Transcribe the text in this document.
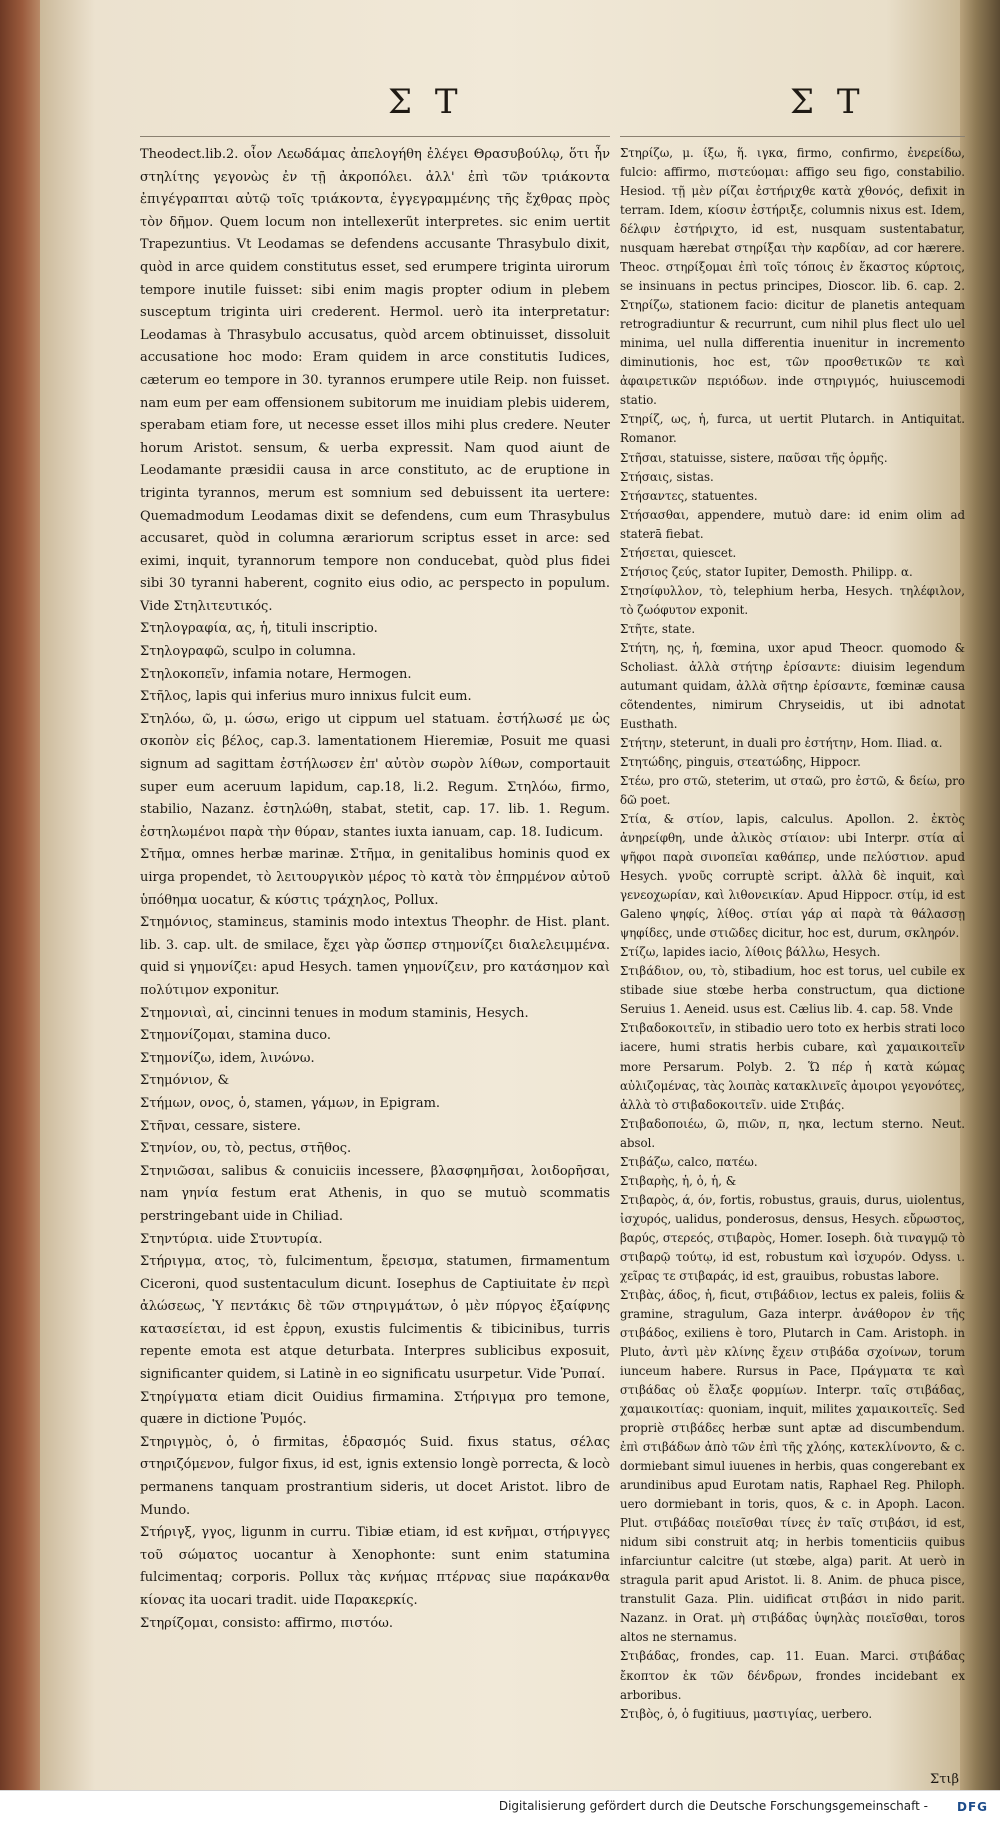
Σ Τ	Σ Τ

Theodect.lib.2. οἶον Λεωδάμας ἀπελογήθη ἐλέγει Θρασυβούλῳ, ὅτι ἦν στηλίτης γεγονὼς ἐν τῇ ἀκροπόλει. ἀλλ' ἐπὶ τῶν τριάκοντα ἐπιγέγραπται αὐτῷ τοῖς τριάκοντα, ἐγγεγραμμένης τῆς ἔχθρας πρὸς τὸν δῆμον. Quem locum non intellexerũt interpretes. sic enim uertit Trapezuntius. Vt Leodamas se defendens accusante Thrasybulo dixit, quòd in arce quidem constitutus esset, sed erumpere triginta uirorum tempore inutile fuisset: sibi enim magis propter odium in plebem susceptum triginta uiri crederent. Hermol. uerò ita interpretatur: Leodamas à Thrasybulo accusatus, quòd arcem obtinuisset, dissoluit accusatione hoc modo: Eram quidem in arce constitutis Iudices, cæterum eo tempore in 30. tyrannos erumpere utile Reip. non fuisset. nam eum per eam offensionem subitorum me inuidiam plebis uiderem, sperabam etiam fore, ut necesse esset illos mihi plus credere. Neuter horum Aristot. sensum, & uerba expressit. Nam quod aiunt de Leodamante præsidii causa in arce constituto, ac de eruptione in triginta tyrannos, merum est somnium sed debuissent ita uertere: Quemadmodum Leodamas dixit se defendens, cum eum Thrasybulus accusaret, quòd in columna ærariorum scriptus esset in arce: sed eximi, inquit, tyrannorum tempore non conducebat, quòd plus fidei sibi 30 tyranni haberent, cognito eius odio, ac perspecto in populum. Vide Στηλιτευτικός.

Στηλογραφία, ας, ἡ, tituli inscriptio.

Στηλογραφῶ, sculpo in columna.

Στηλοκοπεῖν, infamia notare, Hermogen.

Στῆλος, lapis qui inferius muro innixus fulcit eum.

Στηλόω, ῶ, μ. ώσω, erigo ut cippum uel statuam. ἐστήλωσέ με ὡς σκοπὸν εἰς βέλος, cap.3. lamentationem Hieremiæ, Posuit me quasi signum ad sagittam ἐστήλωσεν ἐπ' αὐτὸν σωρὸν λίθων, comportauit super eum aceruum lapidum, cap.18, li.2. Regum. Στηλόω, firmo, stabilio, Nazanz. ἐστηλώθη, stabat, stetit, cap. 17. lib. 1. Regum. ἐστηλωμένοι παρὰ τὴν θύραν, stantes iuxta ianuam, cap. 18. Iudicum.

Στῆμα, omnes herbæ marinæ. Στῆμα, in genitalibus hominis quod ex uirga propendet, τὸ λειτουργικὸν μέρος τὸ κατὰ τὸν ἐπηρμένον αὐτοῦ ὑπόθημα uocatur, & κύστις τράχηλος, Pollux.

Στημόνιος, staminεus, staminis modo intextus Theophr. de Hist. plant. lib. 3. cap. ult. de smilace, ἔχει γὰρ ὥσπερ στημονίζει διαλελειμμένα. quid si γημονίζει: apud Hesych. tamen γημονίζειν, pro κατάσημον καὶ πολύτιμον exponitur.

Στημονιαὶ, αἱ, cincinni tenues in modum staminis, Hesych.

Στημονίζομαι, stamina duco.

Στημονίζω, idem, λινώνω.

Στημόνιον, &

Στήμων, ονος, ὁ, stamen, γάμων, in Epigram.

Στῆναι, cessare, sistere.

Στηνίον, ου, τὸ, pectus, στῆθος.

Στηνιῶσαι, salibus & conuiciis incessere, βλασφημῆσαι, λοιδορῆσαι, nam γηνία festum erat Athenis, in quo se mutuò scommatis perstringebant uide in Chiliad.

Στηντύρια. uide Στυντυρία.

Στήριγμα, ατος, τὸ, fulcimentum, ἔρεισμα, statumen, firmamentum Ciceroni, quod sustentaculum dicunt. Iosephus de Captiuitate ἐν περὶ ἀλώσεως, Ὑ πεντάκις δὲ τῶν στηριγμάτων, ὁ μὲν πύργος ἐξαίφνης κατασείεται, id est ἐρρυη, exustis fulcimentis & tibicinibus, turris repente emota est atque deturbata. Interpres sublicibus exposuit, significanter quidem, si Latinè in eo significatu usurpetur. Vide Ῥυπαί.

Στηρίγματα etiam dicit Ouidius firmamina. Στήριγμα pro temone, quære in dictione Ῥυμός.

Στηριγμὸς, ὁ, ὁ firmitas, ἑδρασμός Suid. fixus status, σέλας στηριζόμενον, fulgor fixus, id est, ignis extensio longè porrecta, & locò permanens tanquam prostrantium sideris, ut docet Aristot. libro de Mundo.

Στήριγξ, γγος, ligunm in curru. Tibiæ etiam, id est κνῆμαι, στήριγγες τοῦ σώματος uocantur à Xenophonte: sunt enim statumina fulcimentaq; corporis. Pollux τὰς κνήμας πτέρνας siue παράκανθα κίονας ita uocari tradit. uide Παρακερκίς.

Στηρίζομαι, consisto: affirmo, πιστόω.

Στηρίζω, μ. ίξω, ἥ. ιγκα, firmo, confirmo, ἐνερείδω, fulcio: affirmo, πιστεύομαι: affigo seu figo, constabilio. Hesiod. τῇ μὲν ρίζαι ἐστήριχθε κατὰ χθονός, defixit in terram. Idem, κίοσιν ἐστήριξε, columnis nixus est. Idem, δέλφιν ἐστήριχτο, id est, nusquam sustentabatur, nusquam hærebat στηρίξαι τὴν καρδίαν, ad cor hærere. Theoc. στηρίξομαι ἐπὶ τοῖς τόποις ἐν ἕκαστος κύρτοις, se insinuans in pectus principes, Dioscor. lib. 6. cap. 2. Στηρίζω, stationem facio: dicitur de planetis antequam retrogradiuntur & recurrunt, cum nihil plus flect ulo uel minima, uel nulla differentia inuenitur in incremento diminutionis, hoc est, τῶν προσθετικῶν τε καὶ ἀφαιρετικῶν περιόδων. inde στηριγμός, huiuscemodi statio.

Στηρίζ, ως, ἡ, furca, ut uertit Plutarch. in Antiquitat. Romanor.

Στῆσαι, statuisse, sistere, παῦσαι τῆς ὁρμῆς.

Στήσαις, sistas.

Στήσαντες, statuentes.

Στήσασθαι, appendere, mutuò dare: id enim olim ad staterā fiebat.

Στήσεται, quiescet.

Στήσιος ζεύς, stator Iupiter, Demosth. Philipp. α.

Στησίφυλλον, τὸ, telephium herba, Hesych. τηλέφιλον, τὸ ζωόφυτον exponit.

Στῆτε, state.

Στήτη, ης, ἡ, fœmina, uxor apud Theocr. quomodo & Scholiast. ἀλλὰ στήτηρ ἐρίσαντε: diuisim legendum autumant quidam, ἀλλὰ σῆτηρ ἐρίσαντε, fœminæ causa cõtendentes, nimirum Chryseidis, ut ibi adnotat Eusthath.

Στήτην, steterunt, in duali pro ἐστήτην, Hom. Iliad. α.

Στητώδης, pinguis, στεατώδης, Hippocr.

Στέω, pro στῶ, steterim, ut σταῶ, pro ἐστῶ, & δείω, pro δῶ poet.

Στία, & στίον, lapis, calculus. Apollon. 2. ἐκτὸς ἀνηρείφθη, unde ἀλικὸς στίαιον: ubi Interpr. στία αἱ ψῆφοι παρὰ σινοπεῖαι καθάπερ, unde πελύστιον. apud Hesych. γνοῦς corruptè script. ἀλλὰ δὲ inquit, καὶ γενεοχωρίαν, καὶ λιθονεικίαν. Apud Hippocr. στίμ, id est Galeno ψηφίς, λίθος. στίαι γάρ αἱ παρὰ τὰ θάλασσῃ ψηφίδες, unde στιῶδες dicitur, hoc est, durum, σκληρόν.

Στίζω, lapides iacio, λίθοις βάλλω, Hesych.

Στιβάδιον, ου, τὸ, stibadium, hoc est torus, uel cubile ex stibade siue stœbe herba constructum, qua dictione Seruius 1. Aeneid. usus est. Cælius lib. 4. cap. 58. Vnde

Στιβαδοκοιτεῖν, in stibadio uero toto ex herbis strati loco iacere, humi stratis herbis cubare, καὶ χαμαικοιτεῖν more Persarum. Polyb. 2. Ὥ πέρ ἡ κατὰ κώμας αὐλιζομένας, τὰς λοιπὰς κατακλινεῖς ἀμοιροι γεγονότες, ἀλλὰ τὸ στιβαδοκοιτεῖν. uide Στιβάς.

Στιβαδοποιέω, ῶ, πιῶν, π, ηκα, lectum sterno. Neut. absol.

Στιβάζω, calco, πατέω.

Στιβαρὴς, ἡ, ὁ, ἡ, &

Στιβαρὸς, ά, όν, fortis, robustus, grauis, durus, uiolentus, ἰσχυρός, ualidus, ponderosus, densus, Hesych. εὔρωστος, βαρύς, στερεός, στιβαρὸς, Homer. Ioseph. διὰ τιναγμῷ τὸ στιβαρῷ τούτῳ, id est, robustum καὶ ἰσχυρόν. Odyss. ι. χεῖρας τε στιβαράς, id est, grauibus, robustas labore.

Στιβὰς, άδος, ἡ, ficut, στιβάδιον, lectus ex paleis, foliis & gramine, stragulum, Gaza interpr. ἀνάθορον ἐν τῆς στιβάδος, exiliens è toro, Plutarch in Cam. Aristoph. in Pluto, ἀντὶ μὲν κλίνης ἔχειν στιβάδα σχοίνων, torum iunceum habere. Rursus in Pace, Πράγματα τε καὶ στιβάδας οὐ ἔλαξε φορμίων. Interpr. ταῖς στιβάδας, χαμαικοιτίας: quoniam, inquit, milites χαμαικοιτεῖς. Sed propriè στιβάδες herbæ sunt aptæ ad discumbendum. ἐπὶ στιβάδων ἀπὸ τῶν ἐπὶ τῆς χλόης, κατεκλίνοντο, & c. dormiebant simul iuuenes in herbis, quas congerebant ex arundinibus apud Eurotam natis, Raphael Reg. Philoph. uero dormiebant in toris, quos, & c. in Apoph. Lacon. Plut. στιβάδας ποιεῖσθαι τίνες ἐν ταῖς στιβάσι, id est, nidum sibi construit atq; in herbis tomenticiis quibus infarciuntur calcitre (ut stœbe, alga) parit. At uerò in stragula parit apud Aristot. li. 8. Anim. de phuca pisce, transtulit Gaza. Plin. uidificat στιβάσι in nido parit. Nazanz. in Orat. μὴ στιβάδας ὑψηλὰς ποιεῖσθαι, toros altos ne sternamus.

Στιβάδας, frondes, cap. 11. Euan. Marci. στιβάδας ἔκοπτον ἐκ τῶν δένδρων, frondes incidebant ex arboribus.

Στιβὸς, ὁ, ὁ fugitiuus, μαστιγίας, uerbero.

Στιβ
Digitalisierung gefördert durch die Deutsche Forschungsgemeinschaft -	DFG
